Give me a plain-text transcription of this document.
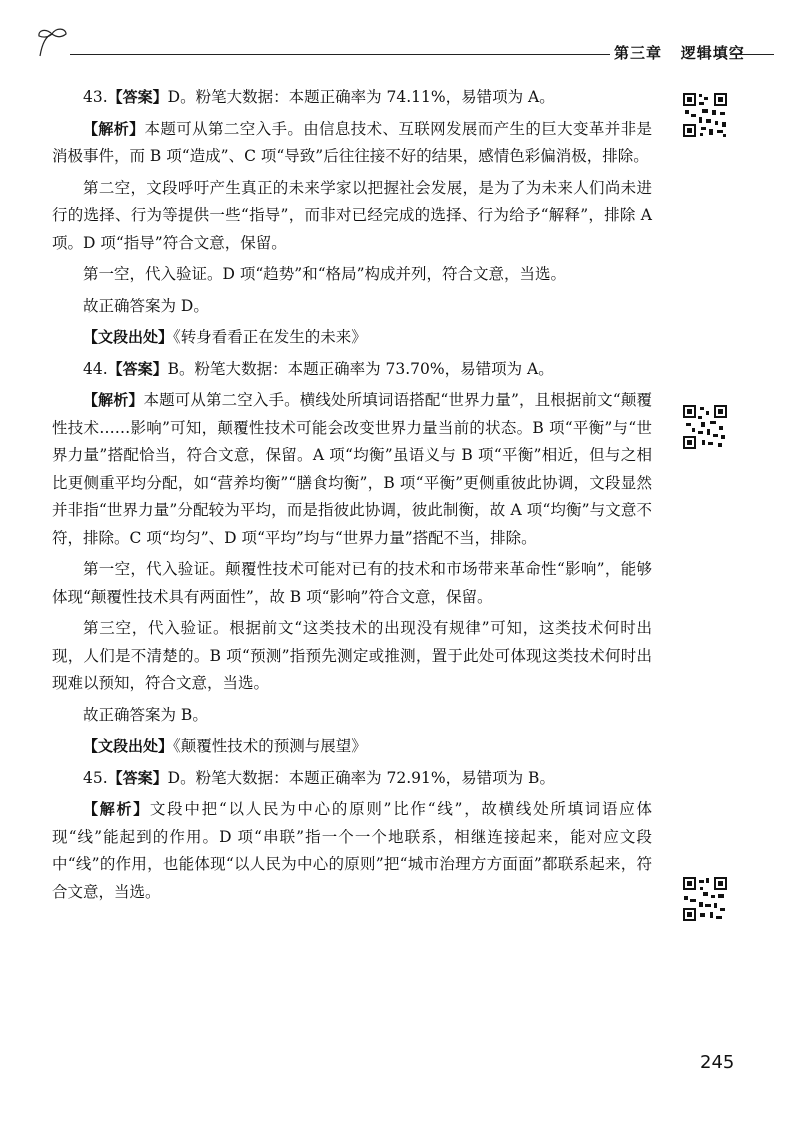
第三章 逻辑填空

43.【答案】D。粉笔大数据：本题正确率为 74.11%，易错项为 A。

【解析】本题可从第二空入手。由信息技术、互联网发展而产生的巨大变革并非是消极事件，而 B 项“造成”、C 项“导致”后往往接不好的结果，感情色彩偏消极，排除。

第二空，文段呼吁产生真正的未来学家以把握社会发展，是为了为未来人们尚未进行的选择、行为等提供一些“指导”，而非对已经完成的选择、行为给予“解释”，排除 A 项。D 项“指导”符合文意，保留。

第一空，代入验证。D 项“趋势”和“格局”构成并列，符合文意，当选。

故正确答案为 D。

【文段出处】《转身看看正在发生的未来》

44.【答案】B。粉笔大数据：本题正确率为 73.70%，易错项为 A。

【解析】本题可从第二空入手。横线处所填词语搭配“世界力量”，且根据前文“颠覆性技术……影响”可知，颠覆性技术可能会改变世界力量当前的状态。B 项“平衡”与“世界力量”搭配恰当，符合文意，保留。A 项“均衡”虽语义与 B 项“平衡”相近，但与之相比更侧重平均分配，如“营养均衡”“膳食均衡”，B 项“平衡”更侧重彼此协调，文段显然并非指“世界力量”分配较为平均，而是指彼此协调，彼此制衡，故 A 项“均衡”与文意不符，排除。C 项“均匀”、D 项“平均”均与“世界力量”搭配不当，排除。

第一空，代入验证。颠覆性技术可能对已有的技术和市场带来革命性“影响”，能够体现“颠覆性技术具有两面性”，故 B 项“影响”符合文意，保留。

第三空，代入验证。根据前文“这类技术的出现没有规律”可知，这类技术何时出现，人们是不清楚的。B 项“预测”指预先测定或推测，置于此处可体现这类技术何时出现难以预知，符合文意，当选。

故正确答案为 B。

【文段出处】《颠覆性技术的预测与展望》

45.【答案】D。粉笔大数据：本题正确率为 72.91%，易错项为 B。

【解析】文段中把“以人民为中心的原则”比作“线”，故横线处所填词语应体现“线”能起到的作用。D 项“串联”指一个一个地联系，相继连接起来，能对应文段中“线”的作用，也能体现“以人民为中心的原则”把“城市治理方方面面”都联系起来，符合文意，当选。

245
